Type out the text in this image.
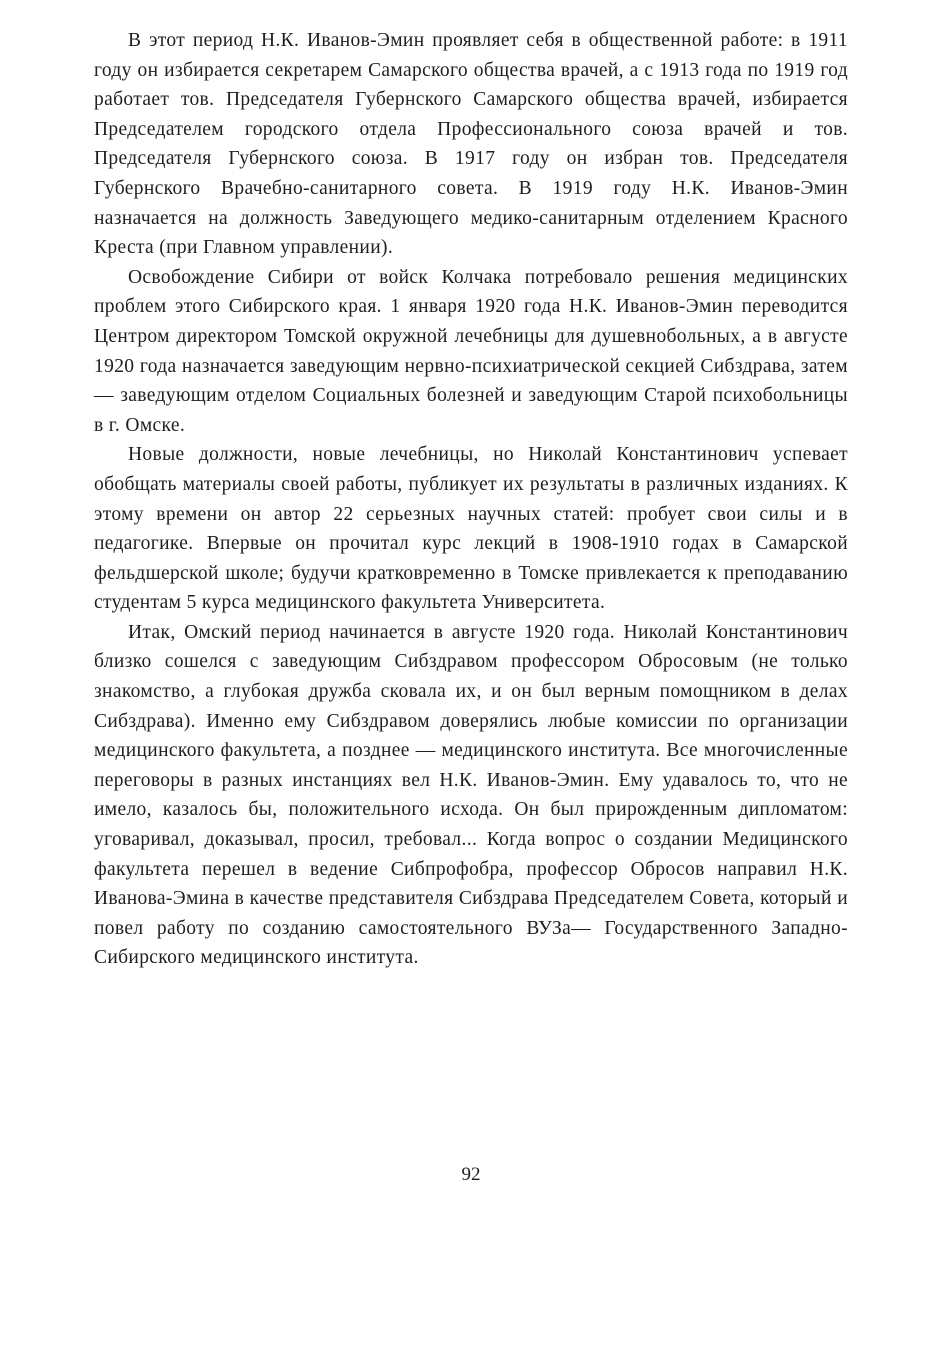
В этот период Н.К. Иванов-Эмин проявляет себя в общественной работе: в 1911 году он избирается секретарем Самарского общества врачей, а с 1913 года по 1919 год работает тов. Председателя Губернского Самарского общества врачей, избирается Председателем городского отдела Профессионального союза врачей и тов. Председателя Губернского союза. В 1917 году он избран тов. Председателя Губернского Врачебно-санитарного совета. В 1919 году Н.К. Иванов-Эмин назначается на должность Заведующего медико-санитарным отделением Красного Креста (при Главном управлении).

Освобождение Сибири от войск Колчака потребовало решения медицинских проблем этого Сибирского края. 1 января 1920 года Н.К. Иванов-Эмин переводится Центром директором Томской окружной лечебницы для душевнобольных, а в августе 1920 года назначается заведующим нервно-психиатрической секцией Сибздрава, затем — заведующим отделом Социальных болезней и заведующим Старой психобольницы в г. Омске.

Новые должности, новые лечебницы, но Николай Константинович успевает обобщать материалы своей работы, публикует их результаты в различных изданиях. К этому времени он автор 22 серьезных научных статей: пробует свои силы и в педагогике. Впервые он прочитал курс лекций в 1908-1910 годах в Самарской фельдшерской школе; будучи кратковременно в Томске привлекается к преподаванию студентам 5 курса медицинского факультета Университета.

Итак, Омский период начинается в августе 1920 года. Николай Константинович близко сошелся с заведующим Сибздравом профессором Обросовым (не только знакомство, а глубокая дружба сковала их, и он был верным помощником в делах Сибздрава). Именно ему Сибздравом доверялись любые комиссии по организации медицинского факультета, а позднее — медицинского института. Все многочисленные переговоры в разных инстанциях вел Н.К. Иванов-Эмин. Ему удавалось то, что не имело, казалось бы, положительного исхода. Он был прирожденным дипломатом: уговаривал, доказывал, просил, требовал... Когда вопрос о создании Медицинского факультета перешел в ведение Сибпрофобра, профессор Обросов направил Н.К. Иванова-Эмина в качестве представителя Сибздрава Председателем Совета, который и повел работу по созданию самостоятельного ВУЗа— Государственного Западно-Сибирского медицинского института.

92
